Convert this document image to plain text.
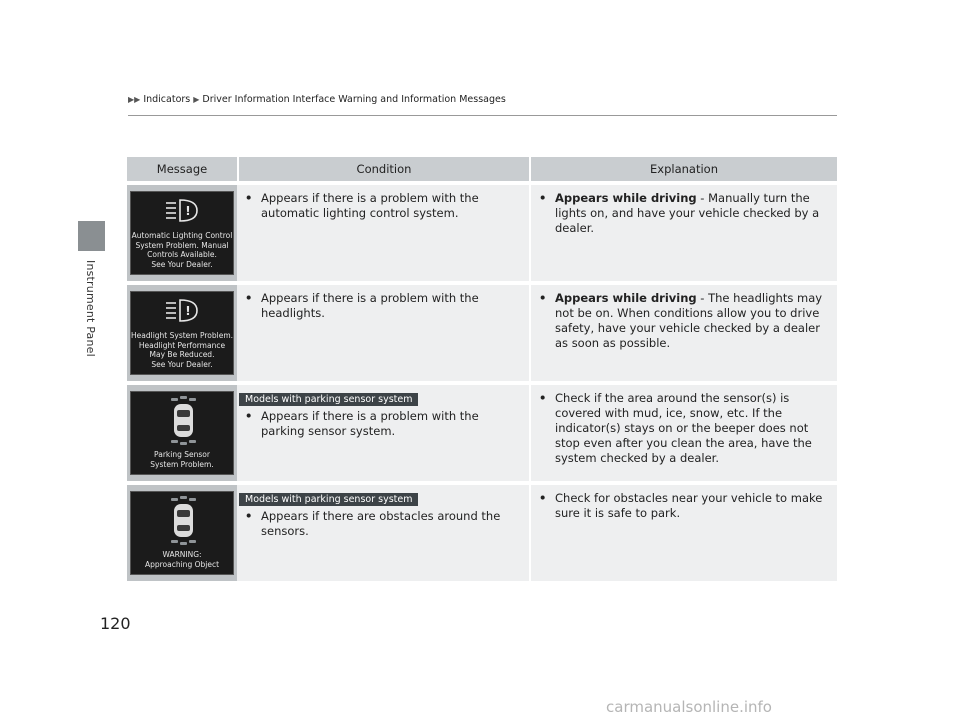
▶▶ Indicators ▶ Driver Information Interface Warning and Information Messages
Instrument Panel
Message	Condition	Explanation
!
Automatic Lighting Control
System Problem. Manual
Controls Available.
See Your Dealer.
• Appears if there is a problem with the automatic lighting control system.
• Appears while driving - Manually turn the lights on, and have your vehicle checked by a dealer.
!
Headlight System Problem.
Headlight Performance
May Be Reduced.
See Your Dealer.
• Appears if there is a problem with the headlights.
• Appears while driving - The headlights may not be on. When conditions allow you to drive safety, have your vehicle checked by a dealer as soon as possible.
Parking Sensor
System Problem.
Models with parking sensor system
• Appears if there is a problem with the parking sensor system.
• Check if the area around the sensor(s) is covered with mud, ice, snow, etc. If the indicator(s) stays on or the beeper does not stop even after you clean the area, have the system checked by a dealer.
WARNING:
Approaching Object
Models with parking sensor system
• Appears if there are obstacles around the sensors.
• Check for obstacles near your vehicle to make sure it is safe to park.
120
carmanualsonline.info
